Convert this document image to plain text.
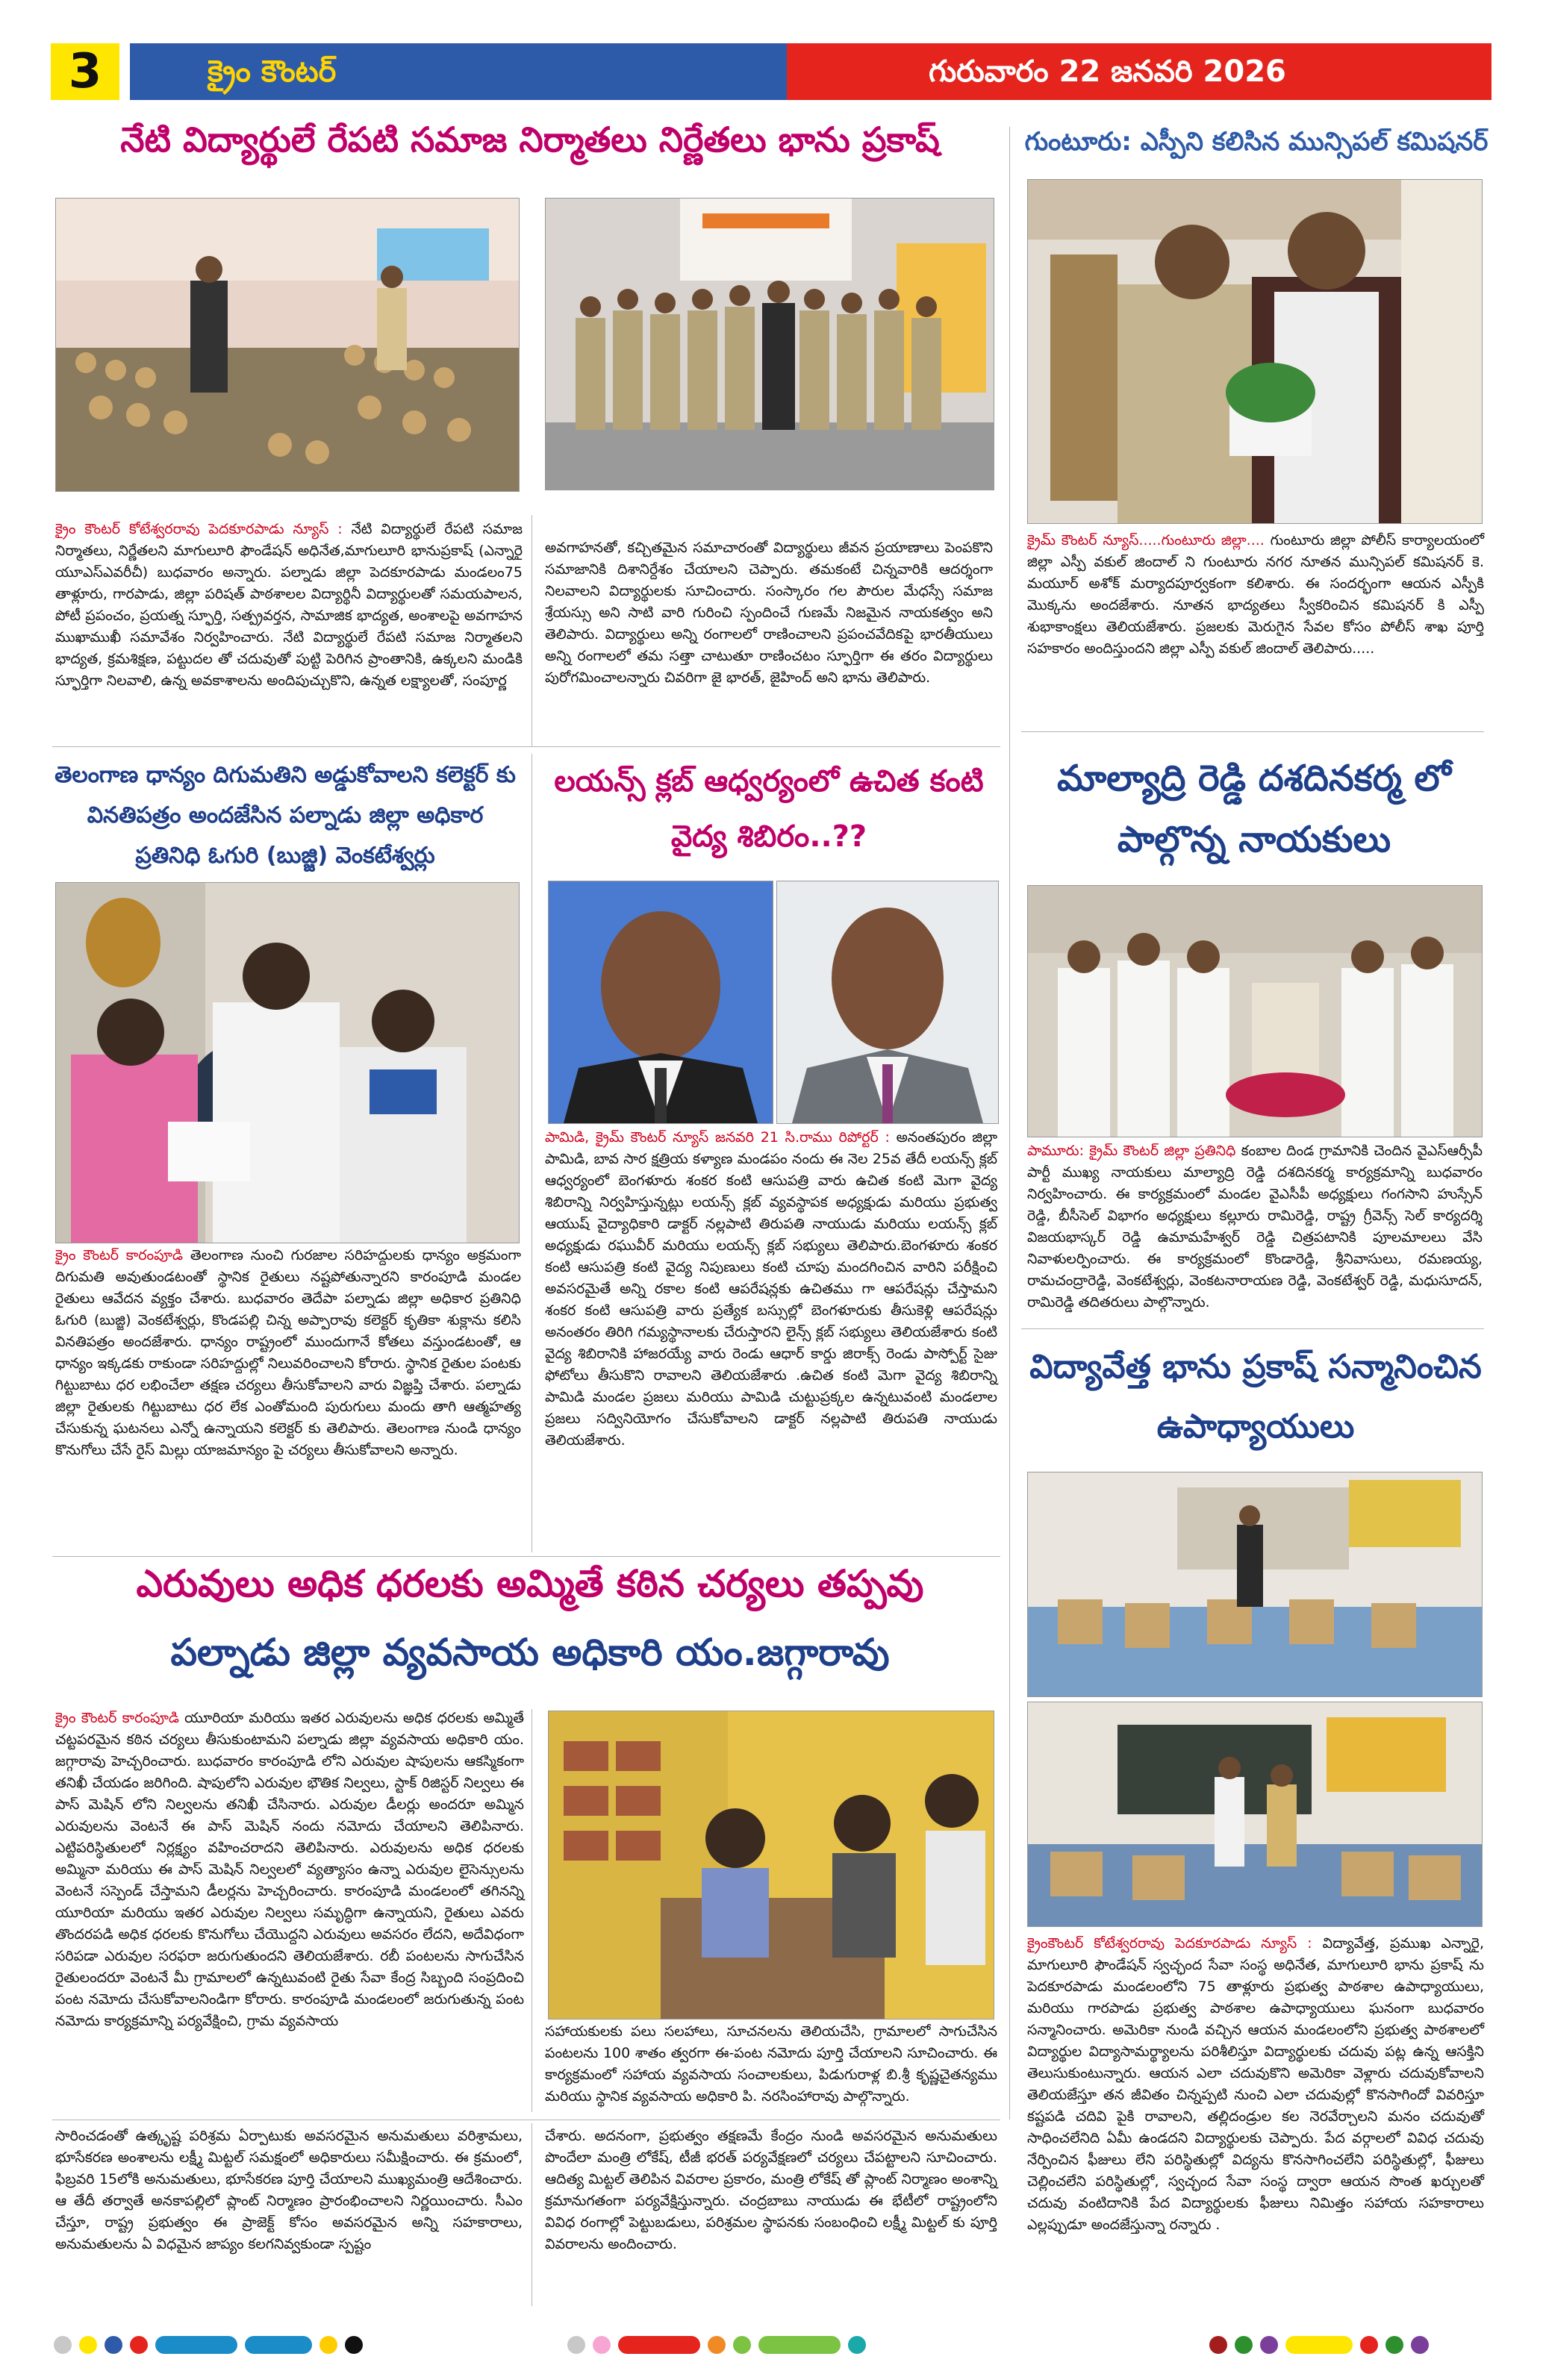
3	క్రైం కౌంటర్	గురువారం 22 జనవరి 2026
నేటి విద్యార్థులే రేపటి సమాజ నిర్మాతలు నిర్ణేతలు భాను ప్రకాష్
క్రైం కౌంటర్ కోటేశ్వరరావు పెదకూరపాడు న్యూస్ : నేటి విద్యార్థులే రేపటి సమాజ నిర్మాతలు, నిర్ణేతలని మాగులూరి ఫౌండేషన్ అధినేత,మాగులూరి భానుప్రకాష్ (ఎన్నారై యూఎస్ఎవరీచీ) బుధవారం అన్నారు. పల్నాడు జిల్లా పెదకూరపాడు మండలం75 తాళ్లూరు, గారపాడు, జిల్లా పరిషత్ పాఠశాలల విద్యార్థినీ విద్యార్థులతో సమయపాలన, పోటీ ప్రపంచం, ప్రయత్న స్ఫూర్తి, సత్ప్రవర్తన, సామాజిక భాద్యత, అంశాలపై అవగాహన ముఖాముఖీ సమావేశం నిర్వహించారు. నేటి విద్యార్థులే రేపటి సమాజ నిర్మాతలని భాద్యత, క్రమశిక్షణ, పట్టుదల తో చదువుతో పుట్టి పెరిగిన ప్రాంతానికి, ఉక్కలని మండికి స్ఫూర్తిగా నిలవాలి, ఉన్న అవకాశాలను అందిపుచ్చుకొని, ఉన్నత లక్ష్యాలతో, సంపూర్ణ
అవగాహనతో, కచ్చితమైన సమాచారంతో విద్యార్థులు జీవన ప్రయాణాలు పెంపకొని సమాజానికి దిశానిర్దేశం చేయాలని చెప్పారు. తమకంటే చిన్నవారికి ఆదర్శంగా నిలవాలని విద్యార్థులకు సూచించారు. సంస్కారం గల పౌరుల మేధస్సే సమాజ శ్రేయస్సు అని సాటి వారి గురించి స్పందించే గుణమే నిజమైన నాయకత్వం అని తెలిపారు. విద్యార్థులు అన్ని రంగాలలో రాణించాలని ప్రపంచవేదికపై భారతీయులు అన్ని రంగాలలో తమ సత్తా చాటుతూ రాణించటం స్ఫూర్తిగా ఈ తరం విద్యార్థులు పురోగమించాలన్నారు చివరిగా జై భారత్, జైహింద్ అని భాను తెలిపారు.
గుంటూరు: ఎస్పీని కలిసిన మున్సిపల్ కమిషనర్
క్రైమ్ కౌంటర్ న్యూస్.....గుంటూరు జిల్లా.... గుంటూరు జిల్లా పోలీస్ కార్యాలయంలో జిల్లా ఎస్పీ వకుల్ జిందాల్ ని గుంటూరు నగర నూతన మున్సిపల్ కమిషనర్ కె. మయూర్ అశోక్ మర్యాదపూర్వకంగా కలిశారు. ఈ సందర్భంగా ఆయన ఎస్పీకి మొక్కను అందజేశారు. నూతన భాద్యతలు స్వీకరించిన కమిషనర్ కి ఎస్పీ శుభాకాంక్షలు తెలియజేశారు. ప్రజలకు మెరుగైన సేవల కోసం పోలీస్ శాఖ పూర్తి సహకారం అందిస్తుందని జిల్లా ఎస్పీ వకుల్ జిందాల్ తెలిపారు.....
తెలంగాణ ధాన్యం దిగుమతిని అడ్డుకోవాలని కలెక్టర్ కు వినతిపత్రం అందజేసిన పల్నాడు జిల్లా అధికార ప్రతినిధి ఓగురి (బుజ్జి) వెంకటేశ్వర్లు
క్రైం కౌంటర్ కారంపూడి తెలంగాణ నుంచి గురజాల సరిహద్దులకు ధాన్యం అక్రమంగా దిగుమతి అవుతుండటంతో స్థానిక రైతులు నష్టపోతున్నారని కారంపూడి మండల రైతులు ఆవేదన వ్యక్తం చేశారు. బుధవారం తెదేపా పల్నాడు జిల్లా అధికార ప్రతినిధి ఓగురి (బుజ్జి) వెంకటేశ్వర్లు, కొండపల్లి చిన్న అప్పారావు కలెక్టర్ కృతికా శుక్లాను కలిసి వినతిపత్రం అందజేశారు. ధాన్యం రాష్ట్రంలో ముందుగానే కోతలు వస్తుండటంతో, ఆ ధాన్యం ఇక్కడకు రాకుండా సరిహద్దుల్లో నిలువరించాలని కోరారు. స్థానిక రైతుల పంటకు గిట్టుబాటు ధర లభించేలా తక్షణ చర్యలు తీసుకోవాలని వారు విజ్ఞప్తి చేశారు. పల్నాడు జిల్లా రైతులకు గిట్టుబాటు ధర లేక ఎంతోమంది పురుగులు మందు తాగి ఆత్మహత్య చేసుకున్న ఘటనలు ఎన్నో ఉన్నాయని కలెక్టర్ కు తెలిపారు. తెలంగాణ నుండి ధాన్యం కొనుగోలు చేసే రైస్ మిల్లు యాజమాన్యం పై చర్యలు తీసుకోవాలని అన్నారు.
లయన్స్ క్లబ్ ఆధ్వర్యంలో ఉచిత కంటి వైద్య శిబిరం..??
పామిడి, క్రైమ్ కౌంటర్ న్యూస్ జనవరి 21 సి.రాము రిపోర్టర్ : అనంతపురం జిల్లా పామిడి, బావ సార క్షత్రియ కళ్యాణ మండపం నందు ఈ నెల 25వ తేదీ లయన్స్ క్లబ్ ఆధ్వర్యంలో బెంగళూరు శంకర కంటి ఆసుపత్రి వారు ఉచిత కంటి మెగా వైద్య శిబిరాన్ని నిర్వహిస్తున్నట్లు లయన్స్ క్లబ్ వ్యవస్థాపక అధ్యక్షుడు మరియు ప్రభుత్వ ఆయుష్ వైద్యాధికారి డాక్టర్ నల్లపాటి తిరుపతి నాయుడు మరియు లయన్స్ క్లబ్ అధ్యక్షుడు రఘువీర్ మరియు లయన్స్ క్లబ్ సభ్యులు తెలిపారు.బెంగళూరు శంకర కంటి ఆసుపత్రి కంటి వైద్య నిపుణులు కంటి చూపు మందగించిన వారిని పరీక్షించి అవసరమైతే అన్ని రకాల కంటి ఆపరేషన్లకు ఉచితము గా ఆపరేషన్లు చేస్తామని శంకర కంటి ఆసుపత్రి వారు ప్రత్యేక బస్సుల్లో బెంగళూరుకు తీసుకెళ్లి ఆపరేషన్లు అనంతరం తిరిగి గమ్యస్థానాలకు చేరుస్తారని లైన్స్ క్లబ్ సభ్యులు తెలియజేశారు కంటి వైద్య శిబిరానికి హాజరయ్యే వారు రెండు ఆధార్ కార్డు జిరాక్స్ రెండు పాస్పోర్ట్ సైజు ఫోటోలు తీసుకొని రావాలని తెలియజేశారు .ఉచిత కంటి మెగా వైద్య శిబిరాన్ని పామిడి మండల ప్రజలు మరియు పామిడి చుట్టుప్రక్కల ఉన్నటువంటి మండలాల ప్రజలు సద్వినియోగం చేసుకోవాలని డాక్టర్ నల్లపాటి తిరుపతి నాయుడు తెలియజేశారు.
మాల్యాద్రి రెడ్డి దశదినకర్మ లో పాల్గొన్న నాయకులు
పామూరు: క్రైమ్ కౌంటర్ జిల్లా ప్రతినిధి కంబాల దిండ గ్రామానికి చెందిన వైఎస్ఆర్సీపీ పార్టీ ముఖ్య నాయకులు మాల్యాద్రి రెడ్డి దశదినకర్మ కార్యక్రమాన్ని బుధవారం నిర్వహించారు. ఈ కార్యక్రమంలో మండల వైఎసీపీ అధ్యక్షులు గంగసాని హుస్సేన్ రెడ్డి, బీసీసెల్ విభాగం అధ్యక్షులు కల్లూరు రామిరెడ్డి, రాష్ట్ర గ్రీవెన్స్ సెల్ కార్యదర్శి విజయభాస్కర్ రెడ్డి ఉమామహేశ్వర్ రెడ్డి చిత్రపటానికి పూలమాలలు వేసి నివాళులర్పించారు. ఈ కార్యక్రమంలో కొండారెడ్డి, శ్రీనివాసులు, రమణయ్య, రామచంద్రారెడ్డి, వెంకటేశ్వర్లు, వెంకటనారాయణ రెడ్డి, వెంకటేశ్వర్ రెడ్డి, మధుసూదన్, రామిరెడ్డి తదితరులు పాల్గొన్నారు.
విద్యావేత్త భాను ప్రకాష్ సన్మానించిన ఉపాధ్యాయులు
క్రైంకౌంటర్ కోటేశ్వరరావు పెదకూరపాడు న్యూస్ : విద్యావేత్త, ప్రముఖ ఎన్నారై, మాగులూరి ఫౌండేషన్ స్వచ్ఛంద సేవా సంస్థ అధినేత, మాగులూరి భాను ప్రకాష్ ను పెదకూరపాడు మండలంలోని 75 తాళ్లూరు ప్రభుత్వ పాఠశాల ఉపాధ్యాయులు, మరియు గారపాడు ప్రభుత్వ పాఠశాల ఉపాధ్యాయులు ఘనంగా బుధవారం సన్మానించారు. అమెరికా నుండి వచ్చిన ఆయన మండలంలోని ప్రభుత్వ పాఠశాలలో విద్యార్థుల విద్యాసామర్థ్యాలను పరిశీలిస్తూ విద్యార్థులకు చదువు పట్ల ఉన్న ఆసక్తిని తెలుసుకుంటున్నారు. ఆయన ఎలా చదువుకొని అమెరికా వెళ్లారు చదువుకోవాలని తెలియజేస్తూ తన జీవితం చిన్నప్పటి నుంచి ఎలా చదువుల్లో కొనసాగిందో వివరిస్తూ కష్టపడి చదివి పైకి రావాలని, తల్లిదండ్రుల కల నెరవేర్చాలని మనం చదువుతో సాధించలేనిది ఏమీ ఉండదని విద్యార్థులకు చెప్పారు. పేద వర్గాలలో వివిధ చదువు నేర్పించిన ఫీజులు లేని పరిస్థితుల్లో విద్యను కొనసాగించలేని పరిస్థితుల్లో, ఫీజులు చెల్లించలేని పరిస్థితుల్లో, స్వచ్ఛంద సేవా సంస్థ ద్వారా ఆయన సొంత ఖర్చులతో చదువు వంటిదానికి పేద విద్యార్థులకు ఫీజులు నిమిత్తం సహాయ సహకారాలు ఎల్లప్పుడూ అందజేస్తున్నా రన్నారు .
ఎరువులు అధిక ధరలకు అమ్మితే కఠిన చర్యలు తప్పవు
పల్నాడు జిల్లా వ్యవసాయ అధికారి యం.జగ్గారావు
క్రైం కౌంటర్ కారంపూడి యూరియా మరియు ఇతర ఎరువులను అధిక ధరలకు అమ్మితే చట్టపరమైన కఠిన చర్యలు తీసుకుంటామని పల్నాడు జిల్లా వ్యవసాయ అధికారి యం. జగ్గారావు హెచ్చరించారు. బుధవారం కారంపూడి లోని ఎరువుల షాపులను ఆకస్మికంగా తనిఖీ చేయడం జరిగింది. షాపులోని ఎరువుల భౌతిక నిల్వలు, స్టాక్ రిజిస్టర్ నిల్వలు ఈ పాస్ మెషిన్ లోని నిల్వలను తనిఖీ చేసినారు. ఎరువుల డీలర్లు అందరూ అమ్మిన ఎరువులను వెంటనే ఈ పాస్ మెషిన్ నందు నమోదు చేయాలని తెలిపినారు. ఎట్టిపరిస్థితులలో నిర్లక్ష్యం వహించరాదని తెలిపినారు. ఎరువులను అధిక ధరలకు అమ్మినా మరియు ఈ పాస్ మెషిన్ నిల్వలలో వ్యత్యాసం ఉన్నా ఎరువుల లైసెన్సులను వెంటనే సస్పెండ్ చేస్తామని డీలర్లను హెచ్చరించారు. కారంపూడి మండలంలో తగినన్ని యూరియా మరియు ఇతర ఎరువుల నిల్వలు సమృద్ధిగా ఉన్నాయని, రైతులు ఎవరు తొందరపడి అధిక ధరలకు కొనుగోలు చేయొద్దని ఎరువులు అవసరం లేదని, అదేవిధంగా సరిపడా ఎరువుల సరఫరా జరుగుతుందని తెలియజేశారు. రబీ పంటలను సాగుచేసిన రైతులందరూ వెంటనే మీ గ్రామాలలో ఉన్నటువంటి రైతు సేవా కేంద్ర సిబ్బంది సంప్రదించి పంట నమోదు చేసుకోవాలనిండిగా కోరారు. కారంపూడి మండలంలో జరుగుతున్న పంట నమోదు కార్యక్రమాన్ని పర్యవేక్షించి, గ్రామ వ్యవసాయ
సహాయకులకు పలు సలహాలు, సూచనలను తెలియచేసి, గ్రామాలలో సాగుచేసిన పంటలను 100 శాతం త్వరగా ఈ-పంట నమోదు పూర్తి చేయాలని సూచించారు. ఈ కార్యక్రమంలో సహాయ వ్యవసాయ సంచాలకులు, పిడుగురాళ్ల బి.శ్రీ కృష్ణచైతన్యము మరియు స్థానిక వ్యవసాయ అధికారి పి. నరసింహారావు పాల్గొన్నారు.
సారించడంతో ఉత్కృష్ట పరిశ్రమ ఏర్పాటుకు అవసరమైన అనుమతులు వరిశ్రామలు, భూసేకరణ అంశాలను లక్ష్మీ మిట్టల్ సమక్షంలో అధికారులు సమీక్షించారు. ఈ క్రమంలో, ఫిబ్రవరి 15లోకి అనుమతులు, భూసేకరణ పూర్తి చేయాలని ముఖ్యమంత్రి ఆదేశించారు. ఆ తేదీ తర్వాతే అనకాపల్లిలో ప్లాంట్ నిర్మాణం ప్రారంభించాలని నిర్ణయించారు. సీఎం చేస్తూ, రాష్ట్ర ప్రభుత్వం ఈ ప్రాజెక్ట్ కోసం అవసరమైన అన్ని సహకారాలు, అనుమతులను ఏ విధమైన జాప్యం కలగనివ్వకుండా స్పష్టం
చేశారు. అదనంగా, ప్రభుత్వం తక్షణమే కేంద్రం నుండి అవసరమైన అనుమతులు పొందేలా మంత్రి లోకేష్, టీజీ భరత్ పర్యవేక్షణలో చర్యలు చేపట్టాలని సూచించారు. ఆదిత్య మిట్టల్ తెలిపిన వివరాల ప్రకారం, మంత్రి లోకేష్ తో ప్లాంట్ నిర్మాణం అంశాన్ని క్రమానుగతంగా పర్యవేక్షిస్తున్నారు. చంద్రబాబు నాయుడు ఈ భేటీలో రాష్ట్రంలోని వివిధ రంగాల్లో పెట్టుబడులు, పరిశ్రమల స్థాపనకు సంబంధించి లక్ష్మీ మిట్టల్ కు పూర్తి వివరాలను అందించారు.
